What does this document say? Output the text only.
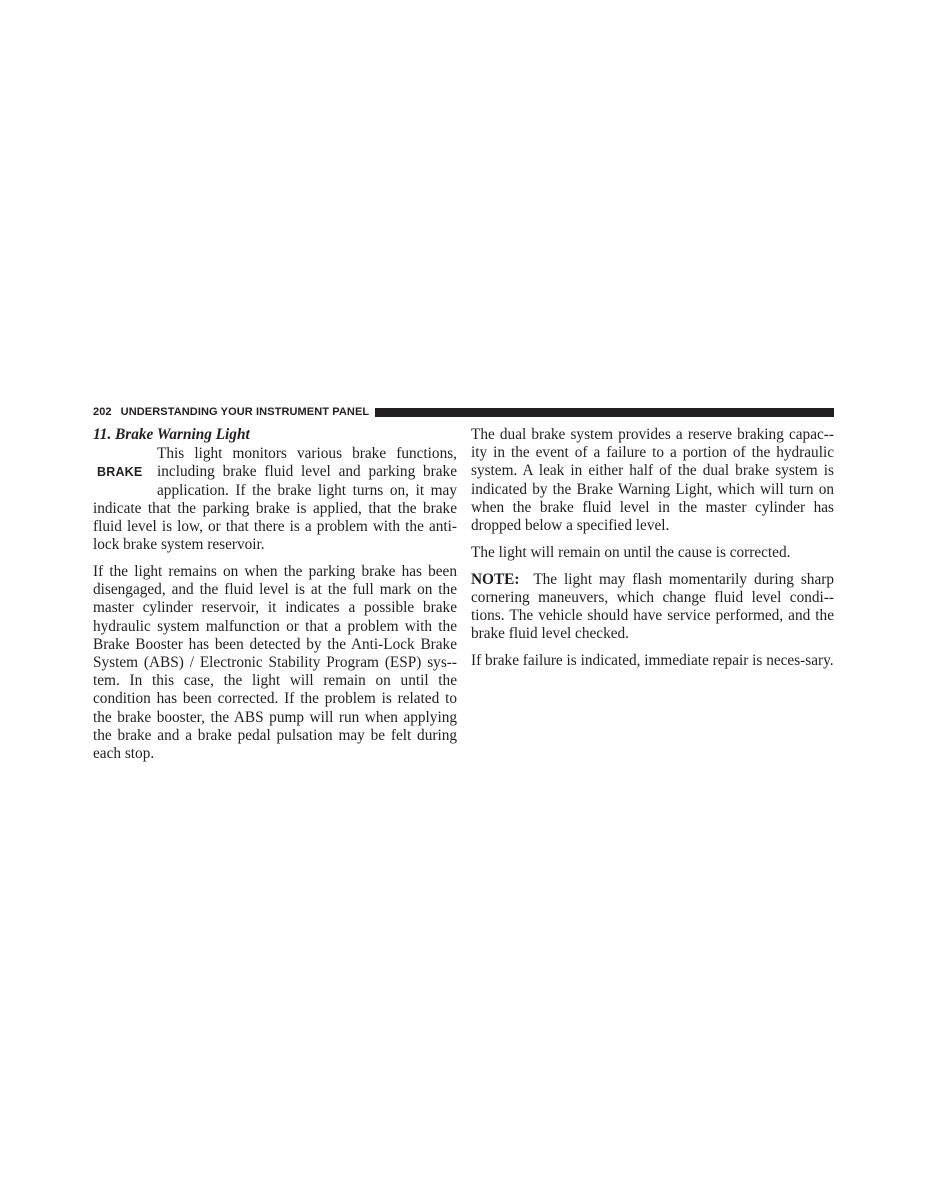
202 UNDERSTANDING YOUR INSTRUMENT PANEL
11. Brake Warning Light

BRAKE
This light monitors various brake functions, including brake fluid level and parking brake application. If the brake light turns on, it may indicate that the parking brake is applied, that the brake fluid level is low, or that there is a problem with the anti-lock brake system reservoir.

If the light remains on when the parking brake has been disengaged, and the fluid level is at the full mark on the master cylinder reservoir, it indicates a possible brake hydraulic system malfunction or that a problem with the Brake Booster has been detected by the Anti-Lock Brake System (ABS) / Electronic Stability Program (ESP) sys-tem. In this case, the light will remain on until the condition has been corrected. If the problem is related to the brake booster, the ABS pump will run when applying the brake and a brake pedal pulsation may be felt during each stop.

The dual brake system provides a reserve braking capac-ity in the event of a failure to a portion of the hydraulic system. A leak in either half of the dual brake system is indicated by the Brake Warning Light, which will turn on when the brake fluid level in the master cylinder has dropped below a specified level.

The light will remain on until the cause is corrected.

NOTE: The light may flash momentarily during sharp cornering maneuvers, which change fluid level condi-tions. The vehicle should have service performed, and the brake fluid level checked.

If brake failure is indicated, immediate repair is neces-sary.
